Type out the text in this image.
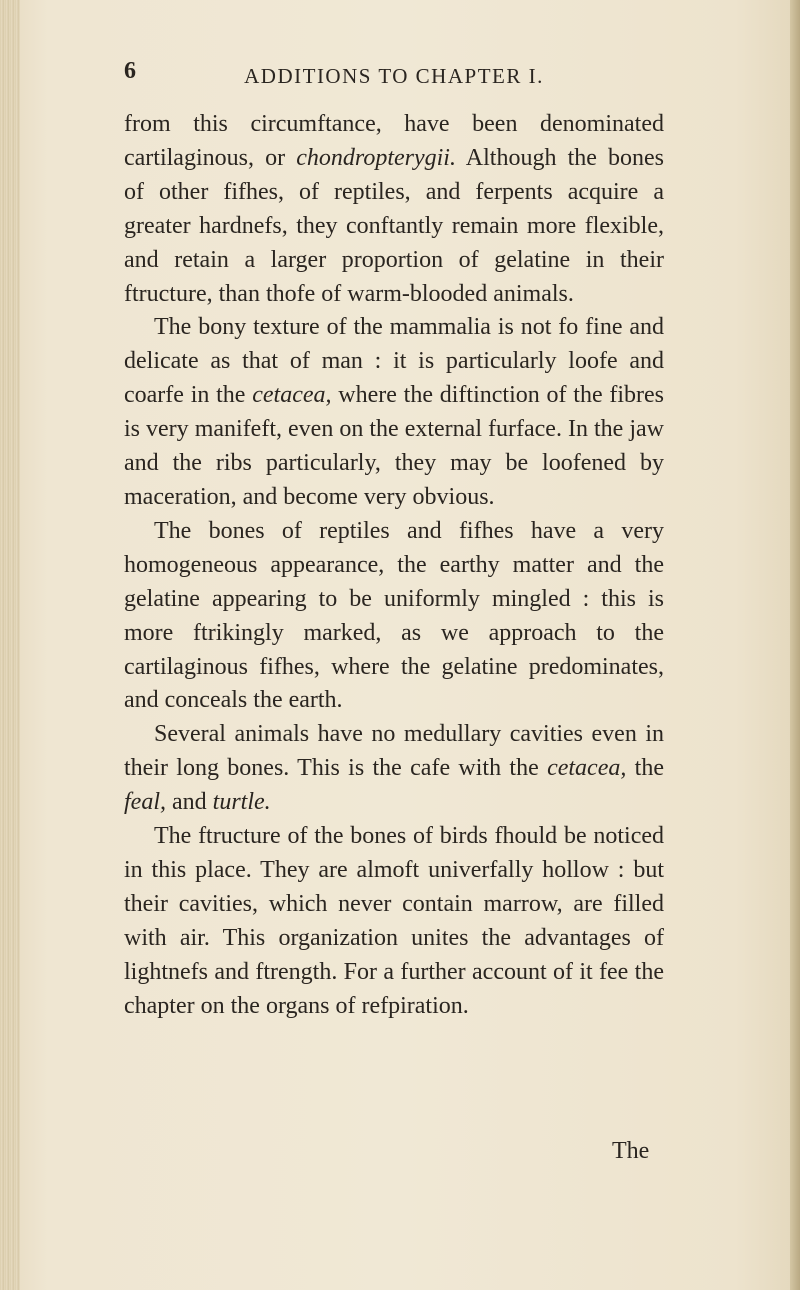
6	ADDITIONS TO CHAPTER I.

from this circumftance, have been denominated cartilaginous, or chondropterygii. Although the bones of other fifhes, of reptiles, and ferpents acquire a greater hardnefs, they conftantly remain more flexible, and retain a larger proportion of gelatine in their ftructure, than thofe of warm-blooded animals.

The bony texture of the mammalia is not fo fine and delicate as that of man : it is particularly loofe and coarfe in the cetacea, where the diftinction of the fibres is very manifeft, even on the external furface. In the jaw and the ribs particularly, they may be loofened by maceration, and become very obvious.

The bones of reptiles and fifhes have a very homogeneous appearance, the earthy matter and the gelatine appearing to be uniformly mingled : this is more ftrikingly marked, as we approach to the cartilaginous fifhes, where the gelatine predominates, and conceals the earth.

Several animals have no medullary cavities even in their long bones. This is the cafe with the cetacea, the feal, and turtle.

The ftructure of the bones of birds fhould be noticed in this place. They are almoft univerfally hollow : but their cavities, which never contain marrow, are filled with air. This organization unites the advantages of lightnefs and ftrength. For a further account of it fee the chapter on the organs of refpiration.

The
